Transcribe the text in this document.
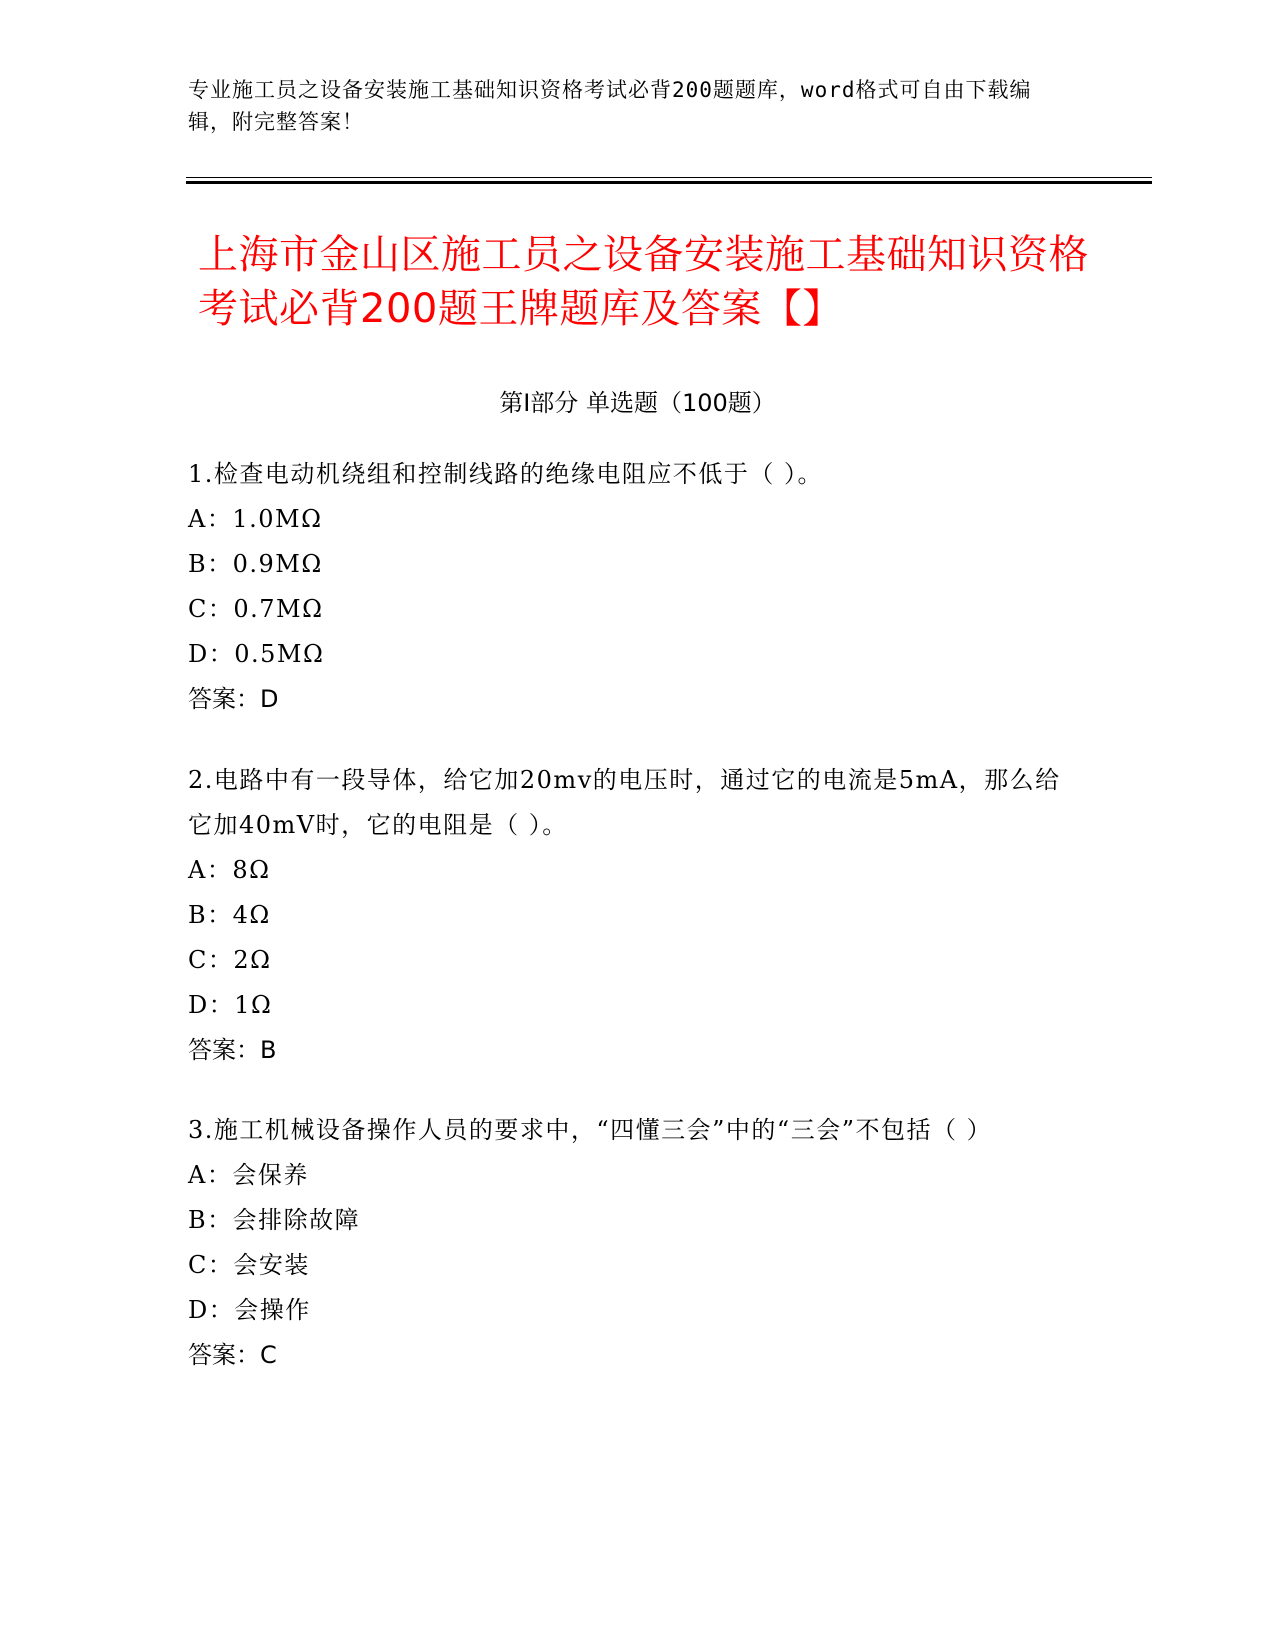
专业施工员之设备安装施工基础知识资格考试必背200题题库，word格式可自由下载编辑，附完整答案！

上海市金山区施工员之设备安装施工基础知识资格考试必背200题王牌题库及答案【】
第Ⅰ部分 单选题（100题）

1.检查电动机绕组和控制线路的绝缘电阻应不低于（ ）。

A：1.0MΩ

B：0.9MΩ

C：0.7MΩ

D：0.5MΩ

答案：D

2.电路中有一段导体，给它加20mv的电压时，通过它的电流是5mA，那么给它加40mV时，它的电阻是（ ）。

A：8Ω

B：4Ω

C：2Ω

D：1Ω

答案：B

3.施工机械设备操作人员的要求中，“四懂三会”中的“三会”不包括（ ）

A：会保养

B：会排除故障

C：会安装

D：会操作

答案：C
